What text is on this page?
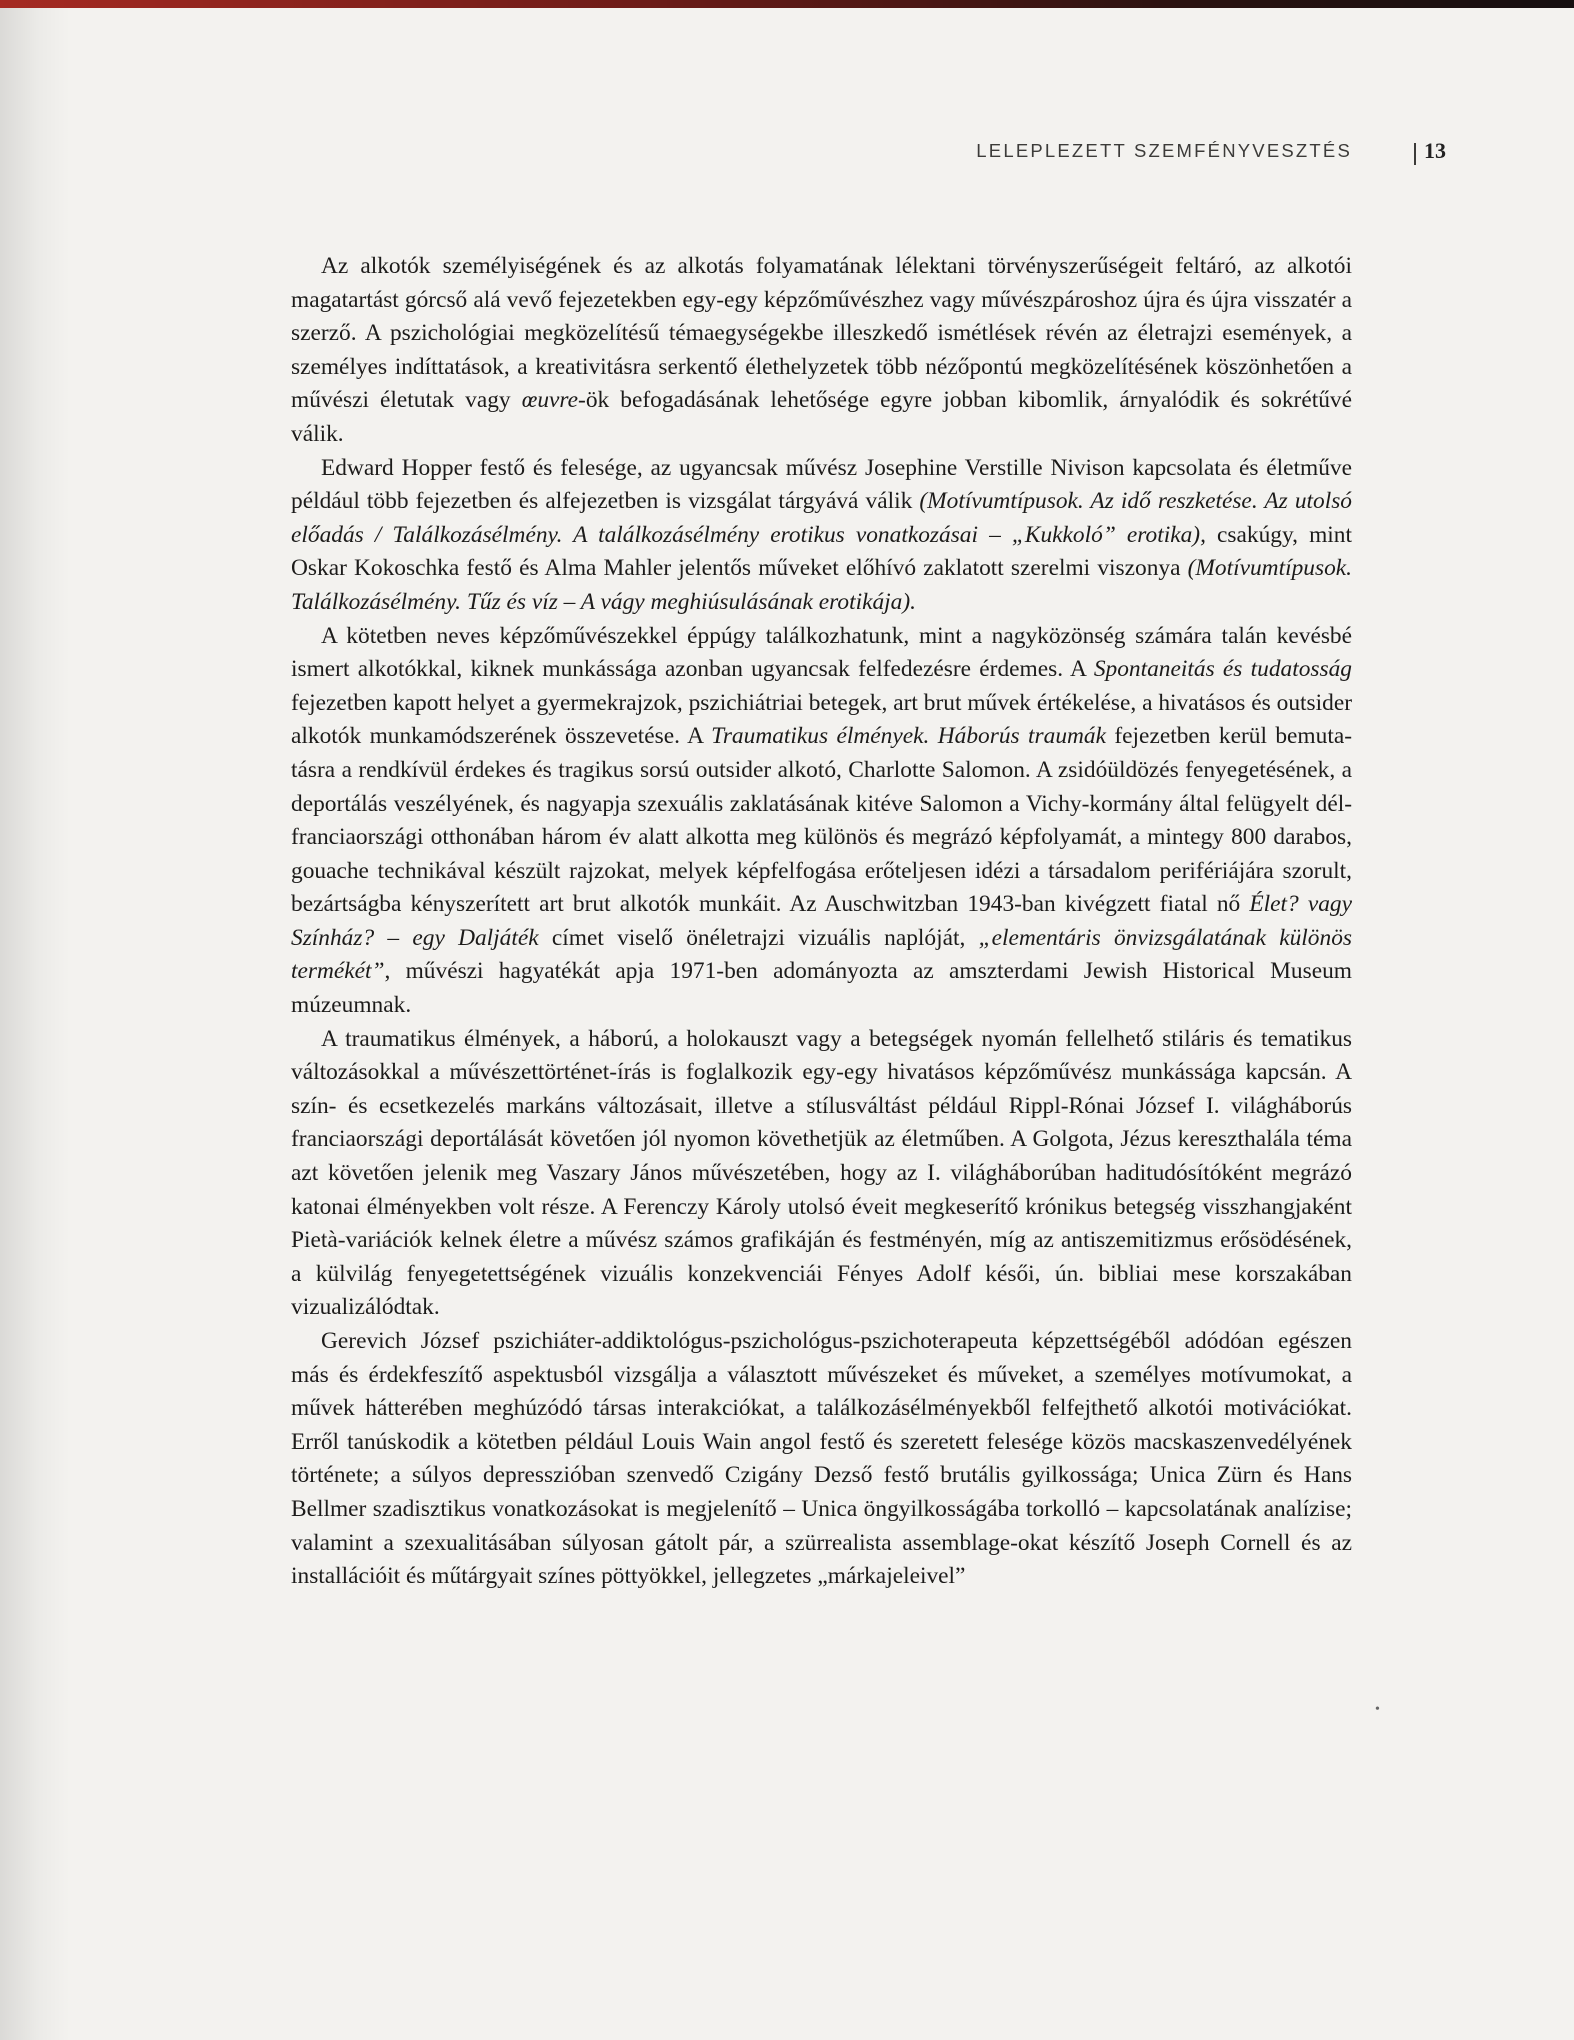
LELEPLEZETT SZEMFÉNYVESZTÉS	13

Az alkotók személyiségének és az alkotás folyamatának lélektani törvényszerűségeit feltáró, az alkotói magatartást górcső alá vevő fejezetekben egy-egy képzőművészhez vagy művészpároshoz újra és újra visszatér a szerző. A pszichológiai megközelítésű témaegységekbe illeszkedő ismétlések révén az életrajzi események, a személyes indíttatások, a kreativitásra serkentő élethelyzetek több nézőpontú megközelítésének köszönhetően a művészi életutak vagy œuvre-ök befogadásának lehetősége egyre jobban kibomlik, árnyalódik és sokrétűvé válik.

Edward Hopper festő és felesége, az ugyancsak művész Josephine Verstille Nivison kapcsolata és életműve például több fejezetben és alfejezetben is vizsgálat tárgyává válik (Motívumtípusok. Az idő reszketése. Az utolsó előadás / Találkozásélmény. A találkozásélmény erotikus vonatkozásai – „Kukkoló” erotika), csakúgy, mint Oskar Kokoschka festő és Alma Mahler jelentős műveket előhívó zaklatott szerelmi viszonya (Motívumtípusok. Találkozásélmény. Tűz és víz – A vágy meghiúsulásának erotikája).

A kötetben neves képzőművészekkel éppúgy találkozhatunk, mint a nagyközönség számára talán kevésbé ismert alkotókkal, kiknek munkássága azonban ugyancsak felfedezésre érdemes. A Spontaneitás és tudatosság fejezetben kapott helyet a gyermekrajzok, pszichiátriai betegek, art brut művek értékelése, a hivatásos és outsider alkotók munkamódszerének összevetése. A Traumatikus élmények. Háborús traumák fejezetben kerül bemutatásra a rendkívül érdekes és tragikus sorsú outsider alkotó, Charlotte Salomon. A zsidóüldözés fenyegetésének, a deportálás veszélyének, és nagyapja szexuális zaklatásának kitéve Salomon a Vichy-kormány által felügyelt dél-franciaországi otthonában három év alatt alkotta meg különös és megrázó képfolyamát, a mintegy 800 darabos, gouache technikával készült rajzokat, melyek képfelfogása erőteljesen idézi a társadalom perifériájára szorult, bezártságba kényszerített art brut alkotók munkáit. Az Auschwitzban 1943-ban kivégzett fiatal nő Élet? vagy Színház? – egy Daljáték címet viselő önéletrajzi vizuális naplóját, „elementáris önvizsgálatának különös termékét”, művészi hagyatékát apja 1971-ben adományozta az amszterdami Jewish Historical Museum múzeumnak.

A traumatikus élmények, a háború, a holokauszt vagy a betegségek nyomán fellelhető stiláris és tematikus változásokkal a művészettörténet-írás is foglalkozik egy-egy hivatásos képzőművész munkássága kapcsán. A szín- és ecsetkezelés markáns változásait, illetve a stílusváltást például Rippl-Rónai József I. világháborús franciaországi deportálását követően jól nyomon követhetjük az életműben. A Golgota, Jézus kereszthalála téma azt követően jelenik meg Vaszary János művészetében, hogy az I. világháborúban haditudósítóként megrázó katonai élményekben volt része. A Ferenczy Károly utolsó éveit megkeserítő krónikus betegség visszhangjaként Pietà-variációk kelnek életre a művész számos grafikáján és festményén, míg az antiszemitizmus erősödésének, a külvilág fenyegetettségének vizuális konzekvenciái Fényes Adolf késői, ún. bibliai mese korszakában vizualizálódtak.

Gerevich József pszichiáter-addiktológus-pszichológus-pszichoterapeuta képzettségéből adódóan egészen más és érdekfeszítő aspektusból vizsgálja a választott művészeket és műveket, a személyes motívumokat, a művek hátterében meghúzódó társas interakciókat, a találkozásélményekből felfejthető alkotói motivációkat. Erről tanúskodik a kötetben például Louis Wain angol festő és szeretett felesége közös macskaszenvedélyének története; a súlyos depresszióban szenvedő Czigány Dezső festő brutális gyilkossága; Unica Zürn és Hans Bellmer szadisztikus vonatkozásokat is megjelenítő – Unica öngyilkosságába torkolló – kapcsolatának analízise; valamint a szexualitásában súlyosan gátolt pár, a szürrealista assemblage-okat készítő Joseph Cornell és az installációit és műtárgyait színes pöttyökkel, jellegzetes „márkajeleivel”

•
